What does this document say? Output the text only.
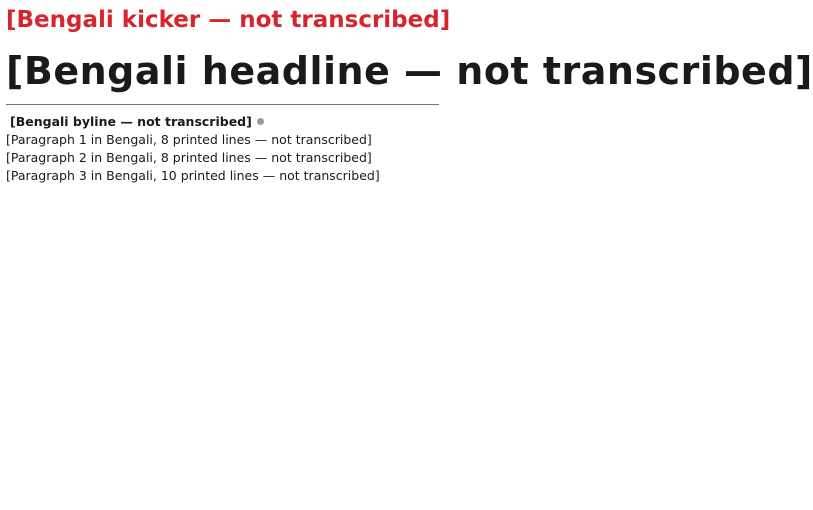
[Bengali kicker — not transcribed]

[Bengali headline — not transcribed]
[Bengali byline — not transcribed]

[Paragraph 1 in Bengali, 8 printed lines — not transcribed]

[Paragraph 2 in Bengali, 8 printed lines — not transcribed]

[Paragraph 3 in Bengali, 10 printed lines — not transcribed]
